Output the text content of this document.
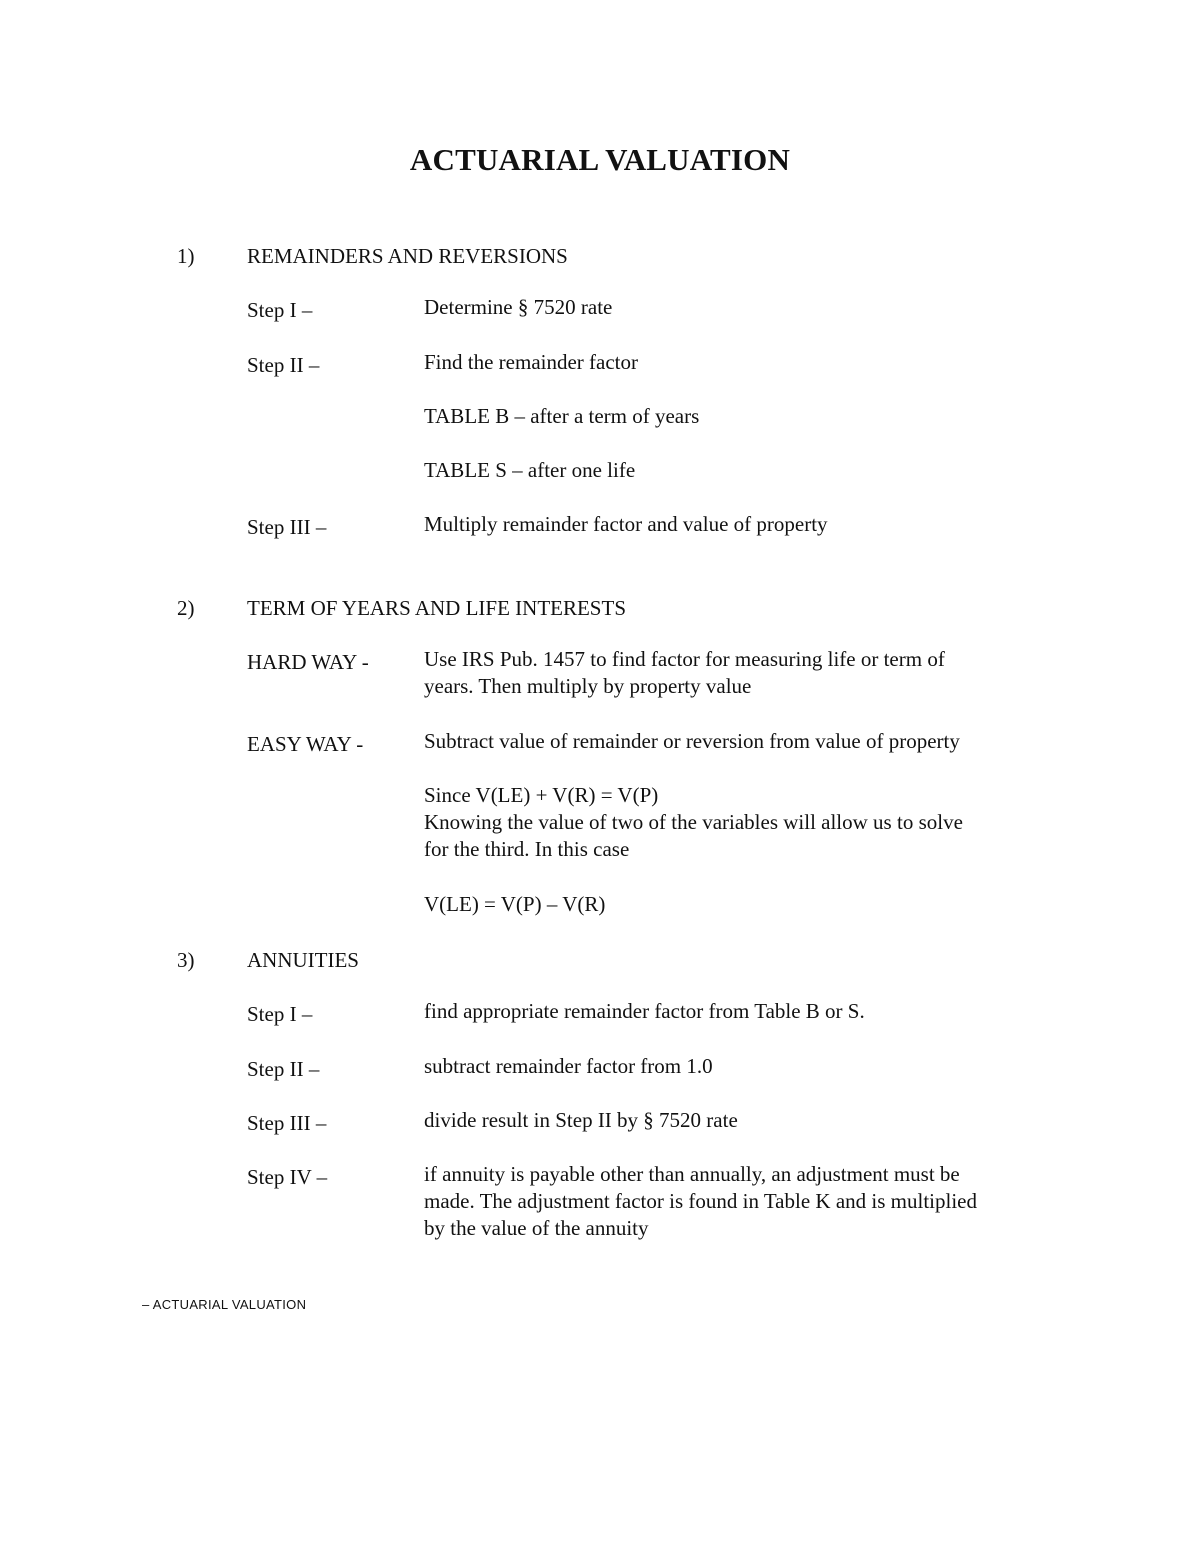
ACTUARIAL VALUATION
1)	REMAINDERS AND REVERSIONS
Step I –	Determine § 7520 rate
Step II –	Find the remainder factor
TABLE B – after a term of years
TABLE S – after one life
Step III –	Multiply remainder factor and value of property
2)	TERM OF YEARS AND LIFE INTERESTS
HARD WAY -	Use IRS Pub. 1457 to find factor for measuring life or term of
years. Then multiply by property value
EASY WAY -	Subtract value of remainder or reversion from value of property
Since V(LE) + V(R) = V(P)
Knowing the value of two of the variables will allow us to solve
for the third. In this case
V(LE) = V(P) – V(R)
3)	ANNUITIES
Step I –	find appropriate remainder factor from Table B or S.
Step II –	subtract remainder factor from 1.0
Step III –	divide result in Step II by § 7520 rate
Step IV –	if annuity is payable other than annually, an adjustment must be
made. The adjustment factor is found in Table K and is multiplied
by the value of the annuity
– ACTUARIAL VALUATION
